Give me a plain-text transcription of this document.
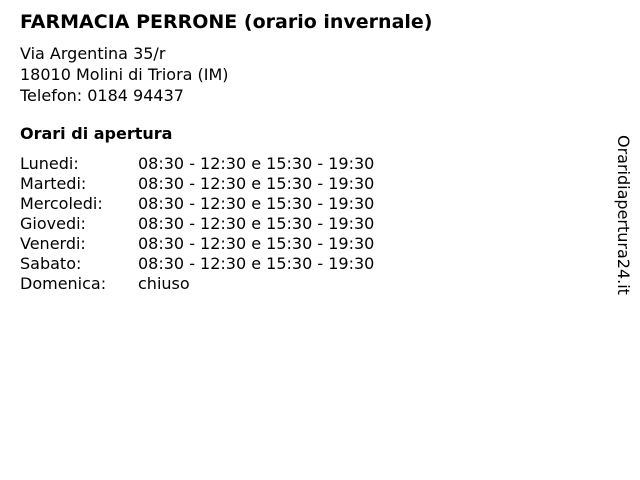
FARMACIA PERRONE (orario invernale)
Via Argentina 35/r
18010 Molini di Triora (IM)
Telefon: 0184 94437
Orari di apertura
Lunedi:	08:30 - 12:30 e 15:30 - 19:30
Martedi:	08:30 - 12:30 e 15:30 - 19:30
Mercoledi:	08:30 - 12:30 e 15:30 - 19:30
Giovedi:	08:30 - 12:30 e 15:30 - 19:30
Venerdi:	08:30 - 12:30 e 15:30 - 19:30
Sabato:	08:30 - 12:30 e 15:30 - 19:30
Domenica:	chiuso	Oraridiapertura24.it
